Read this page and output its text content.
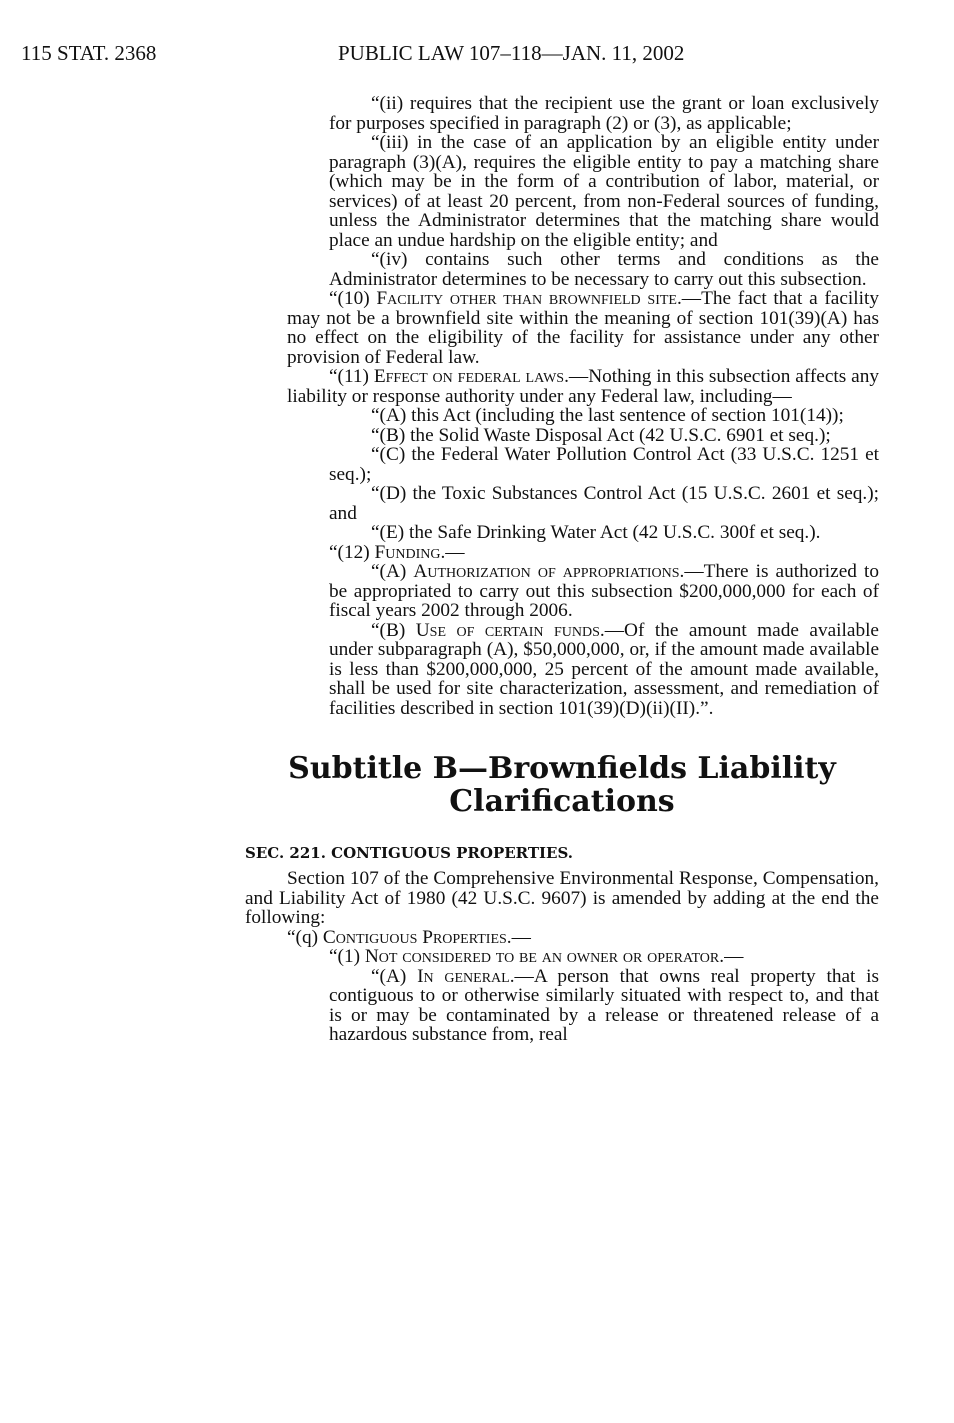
115 STAT. 2368	PUBLIC LAW 107–118—JAN. 11, 2002

“(ii) requires that the recipient use the grant or loan exclusively for purposes specified in paragraph (2) or (3), as applicable;

“(iii) in the case of an application by an eligible entity under paragraph (3)(A), requires the eligible entity to pay a matching share (which may be in the form of a contribution of labor, material, or services) of at least 20 percent, from non-Federal sources of funding, unless the Administrator determines that the matching share would place an undue hardship on the eligible entity; and

“(iv) contains such other terms and conditions as the Administrator determines to be necessary to carry out this subsection.

“(10) Facility other than brownfield site.—The fact that a facility may not be a brownfield site within the meaning of section 101(39)(A) has no effect on the eligibility of the facility for assistance under any other provision of Federal law.

“(11) Effect on federal laws.—Nothing in this subsection affects any liability or response authority under any Federal law, including—

“(A) this Act (including the last sentence of section 101(14));

“(B) the Solid Waste Disposal Act (42 U.S.C. 6901 et seq.);

“(C) the Federal Water Pollution Control Act (33 U.S.C. 1251 et seq.);

“(D) the Toxic Substances Control Act (15 U.S.C. 2601 et seq.); and

“(E) the Safe Drinking Water Act (42 U.S.C. 300f et seq.).

“(12) Funding.—

“(A) Authorization of appropriations.—There is authorized to be appropriated to carry out this subsection $200,000,000 for each of fiscal years 2002 through 2006.

“(B) Use of certain funds.—Of the amount made available under subparagraph (A), $50,000,000, or, if the amount made available is less than $200,000,000, 25 percent of the amount made available, shall be used for site characterization, assessment, and remediation of facilities described in section 101(39)(D)(ii)(II).”.

Subtitle B—Brownfields Liability
Clarifications
SEC. 221. CONTIGUOUS PROPERTIES.

Section 107 of the Comprehensive Environmental Response, Compensation, and Liability Act of 1980 (42 U.S.C. 9607) is amended by adding at the end the following:

“(q) Contiguous Properties.—

“(1) Not considered to be an owner or operator.—

“(A) In general.—A person that owns real property that is contiguous to or otherwise similarly situated with respect to, and that is or may be contaminated by a release or threatened release of a hazardous substance from, real
